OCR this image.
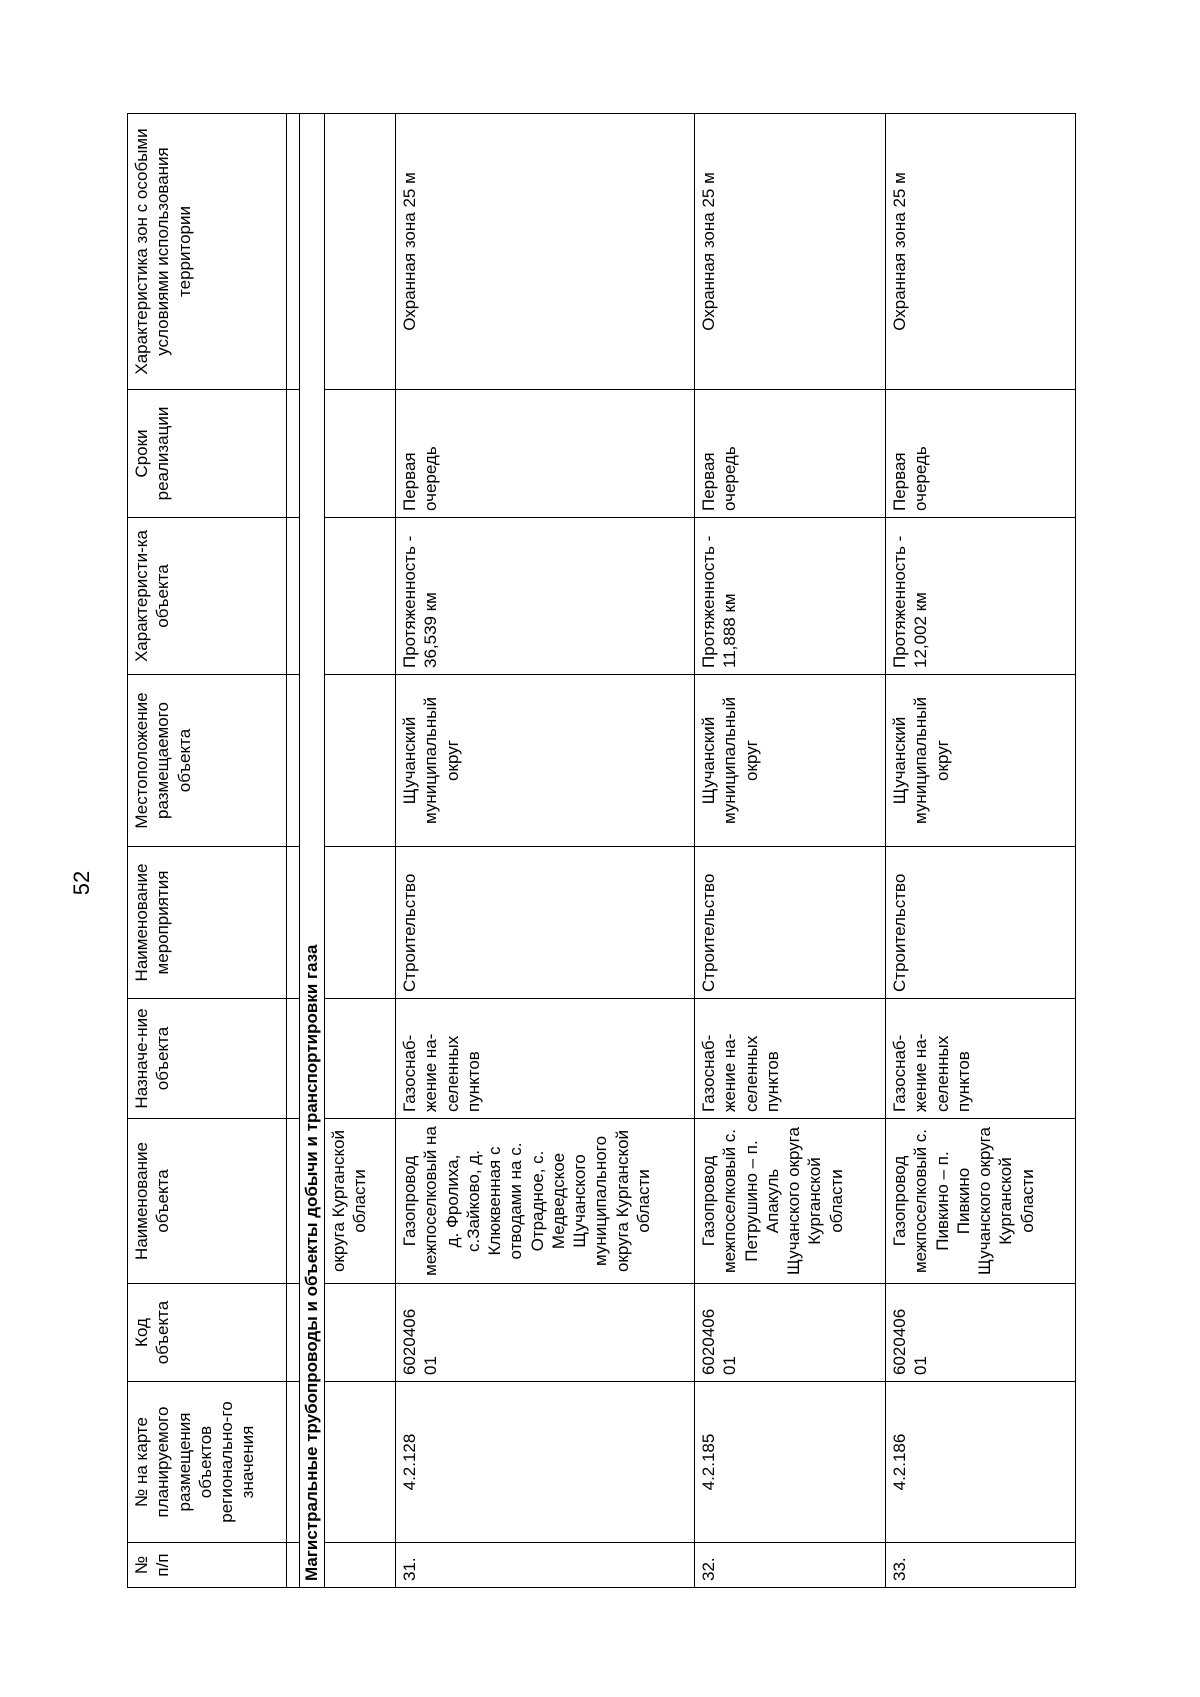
52
№ п/п	№ на карте планируемого размещения объектов регионально-го значения	Код объекта	Наименование объекта	Назначе-ние объекта	Наименование мероприятия	Местоположение размещаемого объекта	Характеристи-ка объекта	Сроки реализации	Характеристика зон с особыми условиями использования территории

Магистральные трубопроводы и объекты добычи и транспортировки газа									
			округа Курганской области						
31.	4.2.128	6020406 01	Газопровод межпоселковый на д. Фролиха, с.Зайково, д. Клюквенная с отводами на с. Отрадное, с. Медведское Щучанского муниципального округа Курганской области	Газоснаб-жение на-селенных пунктов	Строительство	Щучанский муниципальный округ	Протяженность - 36,539 км	Первая очередь	Охранная зона 25 м
32.	4.2.185	6020406 01	Газопровод межпоселковый с. Петрушино – п. Апакуль Щучанского округа Курганской области	Газоснаб-жение на-селенных пунктов	Строительство	Щучанский муниципальный округ	Протяженность - 11,888 км	Первая очередь	Охранная зона 25 м
33.	4.2.186	6020406 01	Газопровод межпоселковый с. Пивкино – п. Пивкино Щучанского округа Курганской области	Газоснаб-жение на-селенных пунктов	Строительство	Щучанский муниципальный округ	Протяженность - 12,002 км	Первая очередь	Охранная зона 25 м
